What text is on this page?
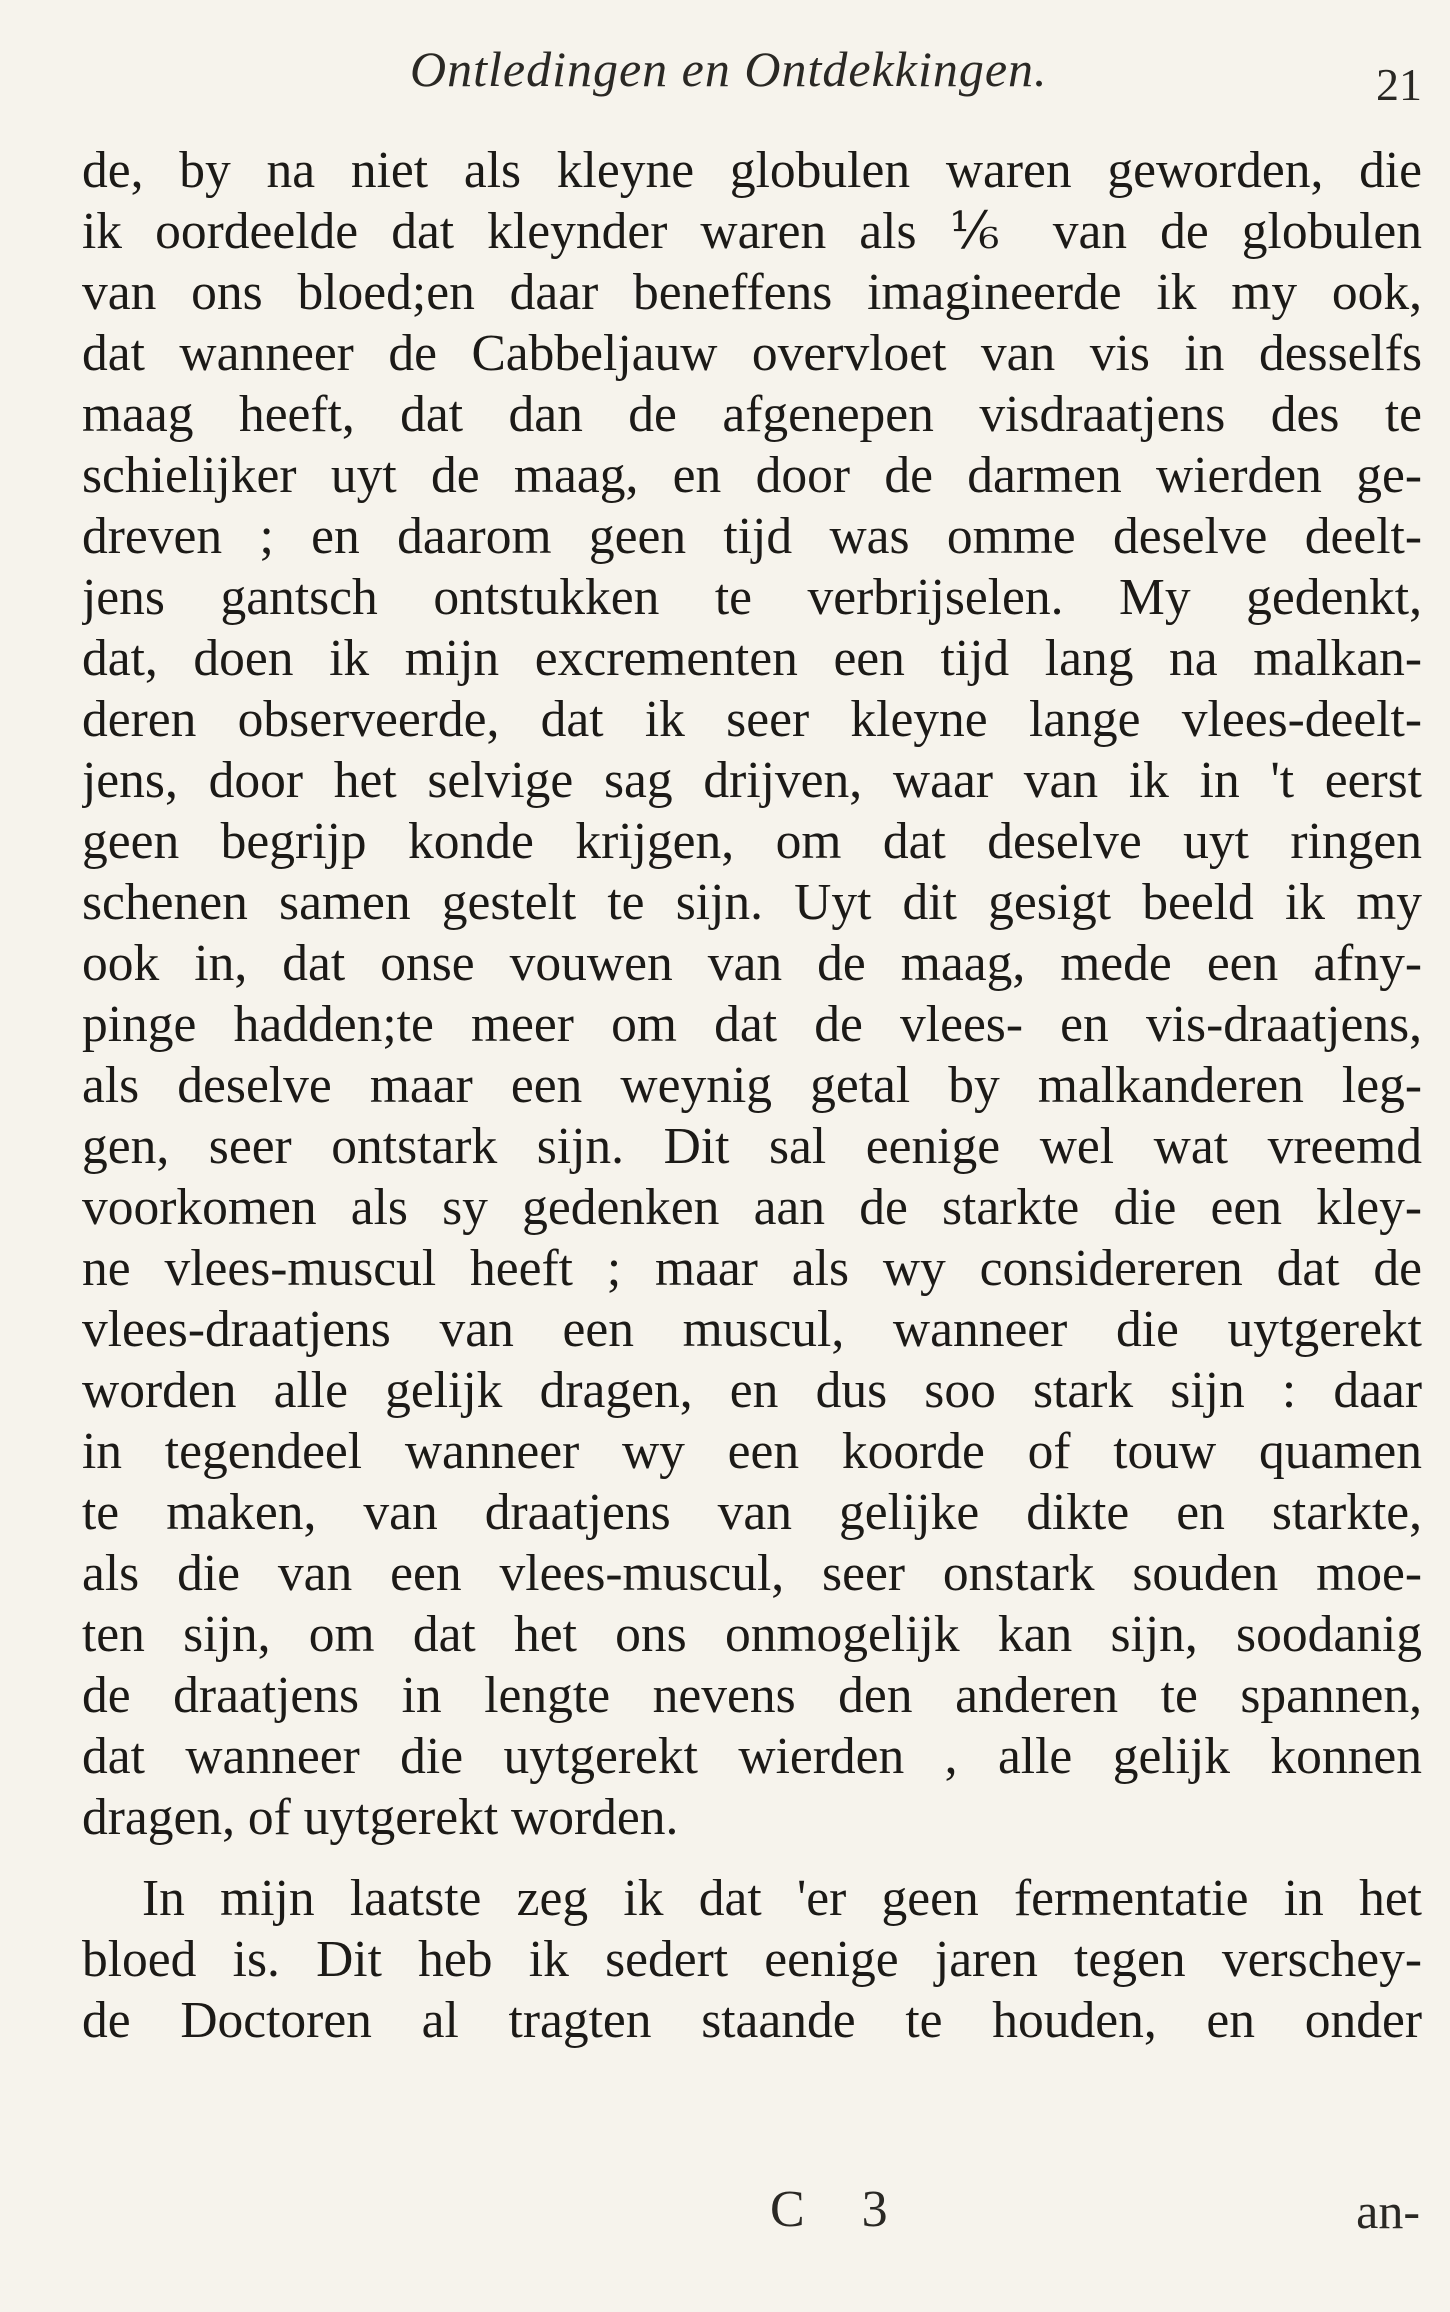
Ontledingen en Ontdekkingen.	21
de, by na niet als kleyne globulen waren geworden, die
ik oordeelde dat kleynder waren als ⅙ van de globulen
van ons bloed;en daar beneffens imagineerde ik my ook,
dat wanneer de Cabbeljauw overvloet van vis in desselfs
maag heeft, dat dan de afgenepen visdraatjens des te
schielijker uyt de maag, en door de darmen wierden ge-
dreven ; en daarom geen tijd was omme deselve deelt-
jens gantsch ontstukken te verbrijselen. My gedenkt,
dat, doen ik mijn excrementen een tijd lang na malkan-
deren observeerde, dat ik seer kleyne lange vlees-deelt-
jens, door het selvige sag drijven, waar van ik in 't eerst
geen begrijp konde krijgen, om dat deselve uyt ringen
schenen samen gestelt te sijn. Uyt dit gesigt beeld ik my
ook in, dat onse vouwen van de maag, mede een afny-
pinge hadden;te meer om dat de vlees- en vis-draatjens,
als deselve maar een weynig getal by malkanderen leg-
gen, seer ontstark sijn. Dit sal eenige wel wat vreemd
voorkomen als sy gedenken aan de starkte die een kley-
ne vlees-muscul heeft ; maar als wy considereren dat de
vlees-draatjens van een muscul, wanneer die uytgerekt
worden alle gelijk dragen, en dus soo stark sijn : daar
in tegendeel wanneer wy een koorde of touw quamen
te maken, van draatjens van gelijke dikte en starkte,
als die van een vlees-muscul, seer onstark souden moe-
ten sijn, om dat het ons onmogelijk kan sijn, soodanig
de draatjens in lengte nevens den anderen te spannen,
dat wanneer die uytgerekt wierden , alle gelijk konnen
dragen, of uytgerekt worden.
In mijn laatste zeg ik dat 'er geen fermentatie in het
bloed is. Dit heb ik sedert eenige jaren tegen verschey-
de Doctoren al tragten staande te houden, en onder
C 3	an-
